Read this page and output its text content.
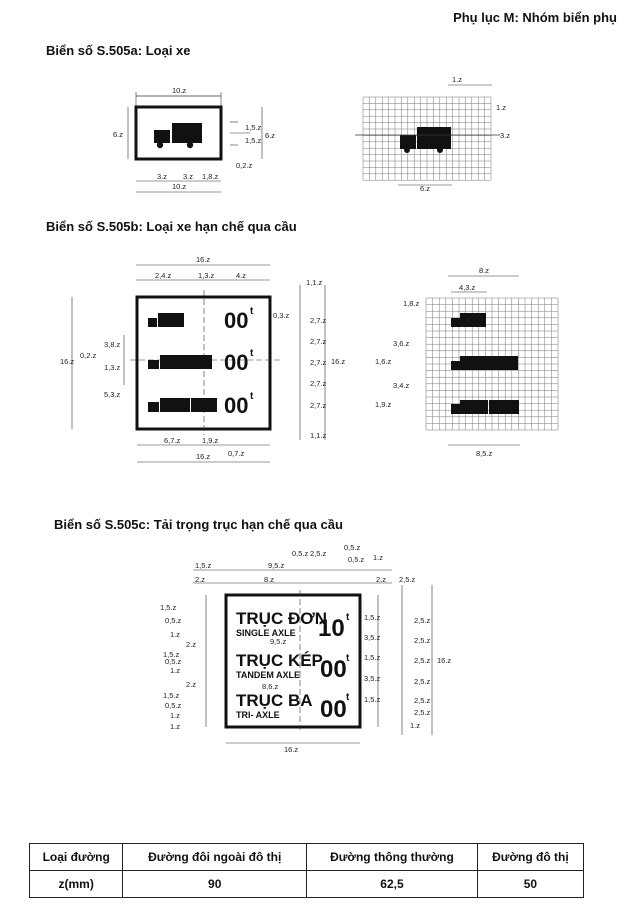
Phụ lục M: Nhóm biển phụ
Biển số S.505a: Loại xe
10.z
6.z
1,5.z
1,5.z
6.z
0,2.z
3.z 3.z 1,8.z
10.z
1.z
1.z
3.z
6.z
Biển số S.505b: Loại xe hạn chế qua cầu
16.z
2,4.z	1,3.z	4.z
00 t
00 t
00 t
16.z
3,8.z
0,2.z
1,3.z
5,3.z
0,3.z
1,1.z
2,7.z
2,7.z
2,7.z
2,7.z
2,7.z
1,1.z
16.z
6,7.z	1,9.z
0,7.z
16.z
8.z
4,3.z
1,8.z
3,6.z
1,6.z
3,4.z
1,9.z
8,5.z
Biển số S.505c: Tải trọng trục hạn chế qua cầu
1,5.z	9,5.z
0,5.z 2,5.z
0,5.z
0,5.z 1.z
2.z	8.z	2.z 2,5.z
TRỤC ĐƠN
SINGLE AXLE 10 t
9,5.z
TRỤC KÉP
TANDEM AXLE 00 t
8,6.z
TRỤC BA
TRI- AXLE 00 t
1,5.z
0,5.z
1.z
2.z
1,5.z
0,5.z
1.z
2.z
1,5.z
0,5.z
1.z
1.z
1,5.z
3,5.z
1,5.z
3,5.z
1,5.z
2,5.z
2,5.z
2,5.z
2,5.z
2,5.z
2,5.z
1.z
16.z
16.z
Loại đường	Đường đôi ngoài đô thị	Đường thông thường	Đường đô thị
z(mm)	90	62,5	50
